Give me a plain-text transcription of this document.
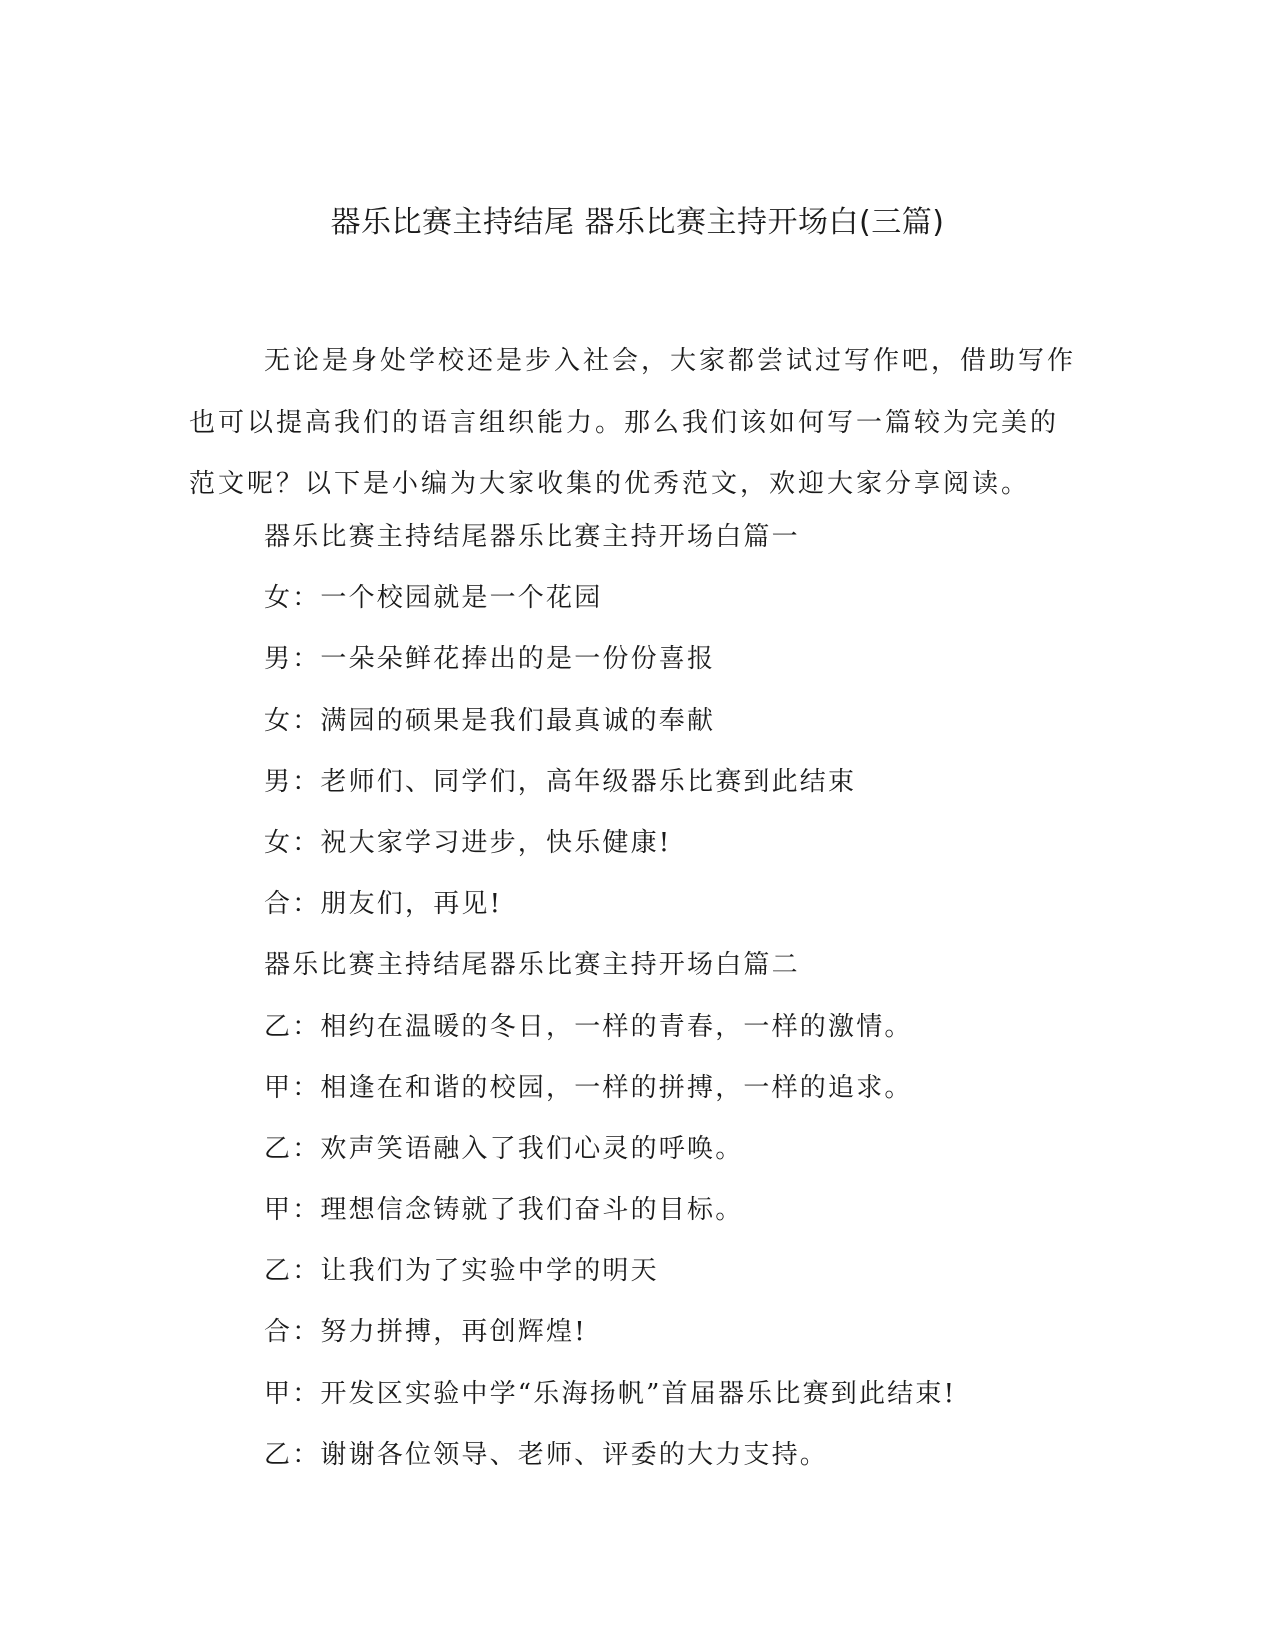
器乐比赛主持结尾 器乐比赛主持开场白(三篇)
无论是身处学校还是步入社会，大家都尝试过写作吧，借助写作
也可以提高我们的语言组织能力。那么我们该如何写一篇较为完美的
范文呢？以下是小编为大家收集的优秀范文，欢迎大家分享阅读。
器乐比赛主持结尾器乐比赛主持开场白篇一
女：一个校园就是一个花园
男：一朵朵鲜花捧出的是一份份喜报
女：满园的硕果是我们最真诚的奉献
男：老师们、同学们，高年级器乐比赛到此结束
女：祝大家学习进步，快乐健康!
合：朋友们，再见!
器乐比赛主持结尾器乐比赛主持开场白篇二
乙：相约在温暖的冬日，一样的青春，一样的激情。
甲：相逢在和谐的校园，一样的拼搏，一样的追求。
乙：欢声笑语融入了我们心灵的呼唤。
甲：理想信念铸就了我们奋斗的目标。
乙：让我们为了实验中学的明天
合：努力拼搏，再创辉煌!
甲：开发区实验中学“乐海扬帆”首届器乐比赛到此结束!
乙：谢谢各位领导、老师、评委的大力支持。
